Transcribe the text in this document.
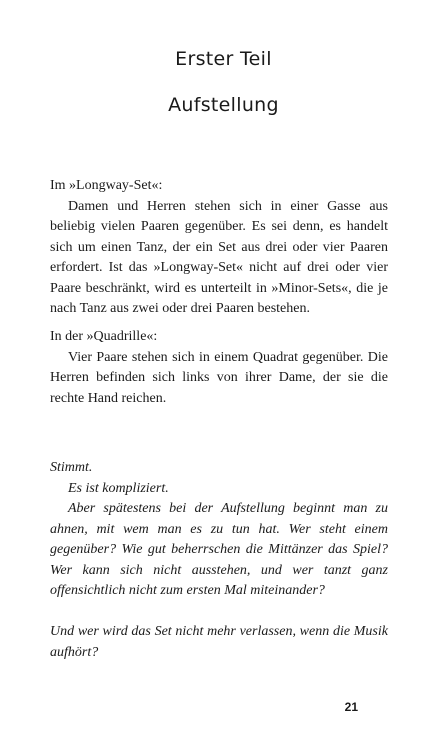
Erster Teil
Aufstellung

Im »Longway-Set«:

Damen und Herren stehen sich in einer Gasse aus beliebig vielen Paaren gegenüber. Es sei denn, es handelt sich um einen Tanz, der ein Set aus drei oder vier Paaren erfordert. Ist das »Longway-Set« nicht auf drei oder vier Paare beschränkt, wird es unterteilt in »Minor-Sets«, die je nach Tanz aus zwei oder drei Paaren bestehen.

In der »Quadrille«:

Vier Paare stehen sich in einem Quadrat gegenüber. Die Herren befinden sich links von ihrer Dame, der sie die rechte Hand reichen.

Stimmt.

Es ist kompliziert.

Aber spätestens bei der Aufstellung beginnt man zu ahnen, mit wem man es zu tun hat. Wer steht einem gegenüber? Wie gut beherrschen die Mittänzer das Spiel? Wer kann sich nicht ausstehen, und wer tanzt ganz offensichtlich nicht zum ersten Mal miteinander?

Und wer wird das Set nicht mehr verlassen, wenn die Musik aufhört?

21
